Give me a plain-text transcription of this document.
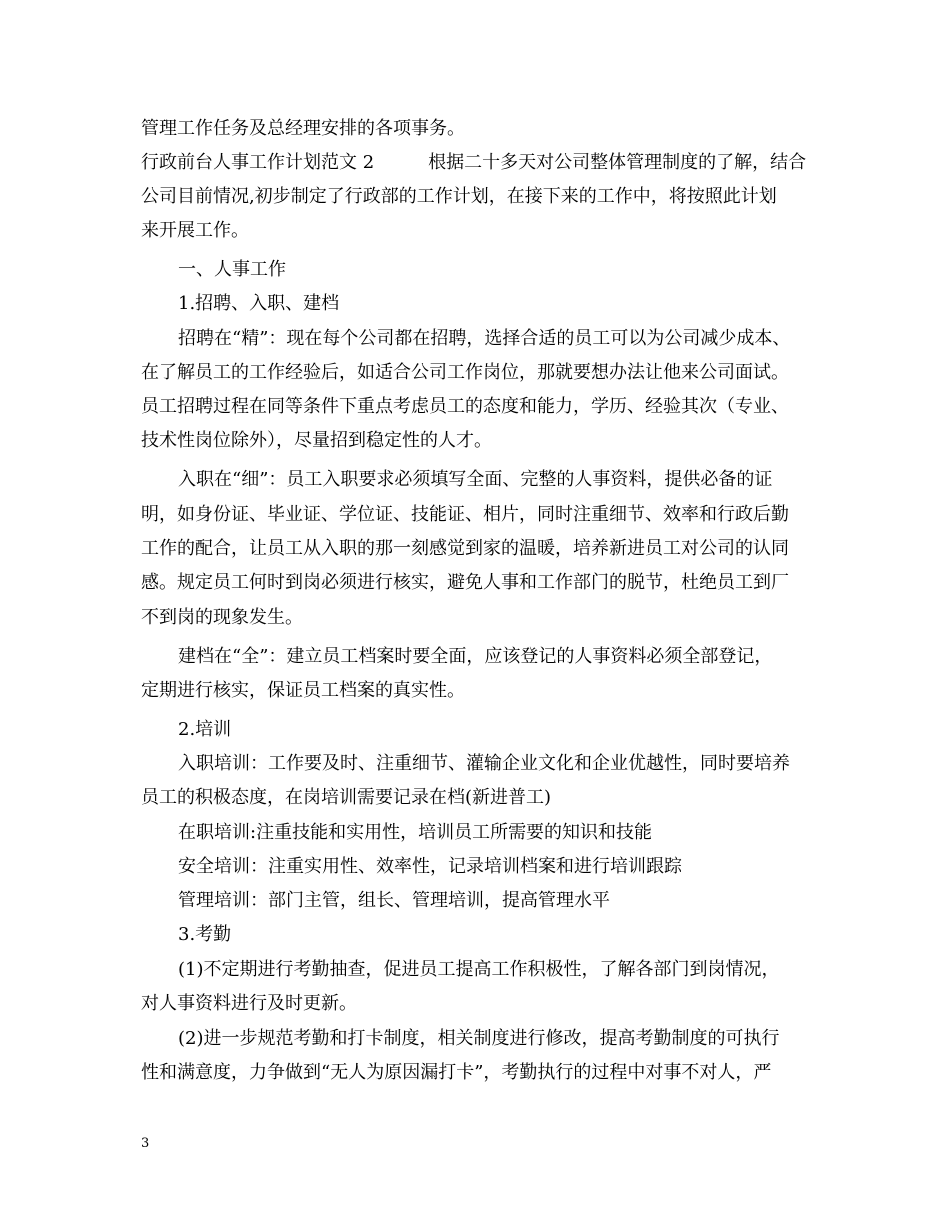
管理工作任务及总经理安排的各项事务。
行政前台人事工作计划范文 2　　　根据二十多天对公司整体管理制度的了解，结合
公司目前情况,初步制定了行政部的工作计划，在接下来的工作中，将按照此计划
来开展工作。
一、人事工作
1.招聘、入职、建档
招聘在“精”：现在每个公司都在招聘，选择合适的员工可以为公司减少成本、
在了解员工的工作经验后，如适合公司工作岗位，那就要想办法让他来公司面试。
员工招聘过程在同等条件下重点考虑员工的态度和能力，学历、经验其次（专业、
技术性岗位除外），尽量招到稳定性的人才。
入职在“细”：员工入职要求必须填写全面、完整的人事资料，提供必备的证
明，如身份证、毕业证、学位证、技能证、相片，同时注重细节、效率和行政后勤
工作的配合，让员工从入职的那一刻感觉到家的温暖，培养新进员工对公司的认同
感。规定员工何时到岗必须进行核实，避免人事和工作部门的脱节，杜绝员工到厂
不到岗的现象发生。
建档在“全”：建立员工档案时要全面，应该登记的人事资料必须全部登记，
定期进行核实，保证员工档案的真实性。
2.培训
入职培训：工作要及时、注重细节、灌输企业文化和企业优越性，同时要培养
员工的积极态度，在岗培训需要记录在档(新进普工)
在职培训:注重技能和实用性，培训员工所需要的知识和技能
安全培训：注重实用性、效率性，记录培训档案和进行培训跟踪
管理培训：部门主管，组长、管理培训，提高管理水平
3.考勤
(1)不定期进行考勤抽查，促进员工提高工作积极性，了解各部门到岗情况，
对人事资料进行及时更新。
(2)进一步规范考勤和打卡制度，相关制度进行修改，提高考勤制度的可执行
性和满意度，力争做到“无人为原因漏打卡”，考勤执行的过程中对事不对人，严
3
